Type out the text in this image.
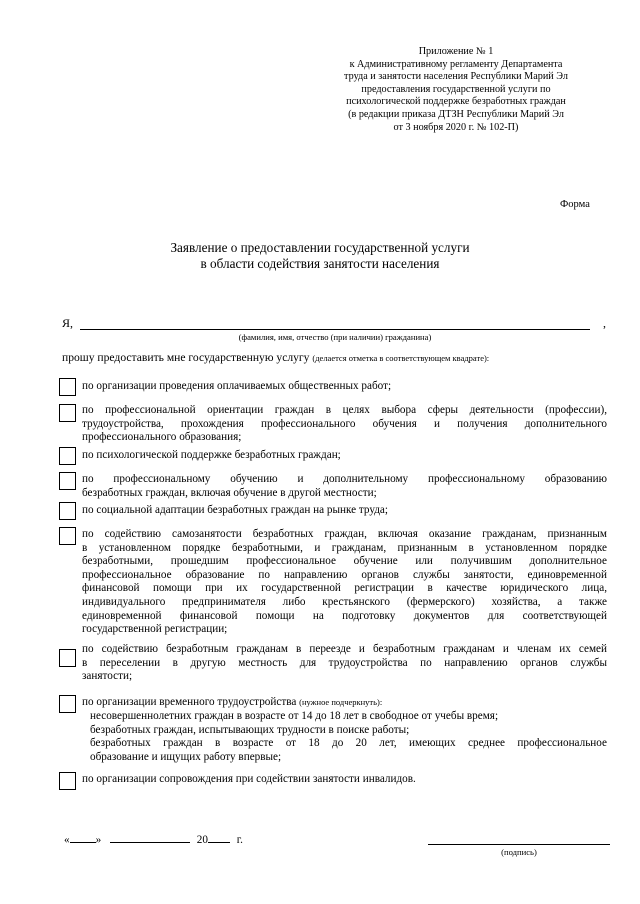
Приложение № 1
к Административному регламенту Департамента
труда и занятости населения Республики Марий Эл
предоставления государственной услуги по
психологической поддержке безработных граждан
(в редакции приказа ДТЗН Республики Марий Эл
от 3 ноября 2020 г. № 102-П)
Форма
Заявление о предоставлении государственной услуги
в области содействия занятости населения
Я,	,
(фамилия, имя, отчество (при наличии) гражданина)
прошу предоставить мне государственную услугу (делается отметка в соответствующем квадрате):
по организации проведения оплачиваемых общественных работ;
по профессиональной ориентации граждан в целях выбора сферы деятельности (профессии),
трудоустройства, прохождения профессионального обучения и получения дополнительного
профессионального образования;
по психологической поддержке безработных граждан;
по профессиональному обучению и дополнительному профессиональному образованию
безработных граждан, включая обучение в другой местности;
по социальной адаптации безработных граждан на рынке труда;
по содействию самозанятости безработных граждан, включая оказание гражданам, признанным
в установленном порядке безработными, и гражданам, признанным в установленном порядке
безработными, прошедшим профессиональное обучение или получившим дополнительное
профессиональное образование по направлению органов службы занятости, единовременной
финансовой помощи при их государственной регистрации в качестве юридического лица,
индивидуального предпринимателя либо крестьянского (фермерского) хозяйства, а также
единовременной финансовой помощи на подготовку документов для соответствующей
государственной регистрации;
по содействию безработным гражданам в переезде и безработным гражданам и членам их семей
в переселении в другую местность для трудоустройства по направлению органов службы
занятости;
по организации временного трудоустройства (нужное подчеркнуть):
несовершеннолетних граждан в возрасте от 14 до 18 лет в свободное от учебы время;
безработных граждан, испытывающих трудности в поиске работы;
безработных граждан в возрасте от 18 до 20 лет, имеющих среднее профессиональное
образование и ищущих работу впервые;
по организации сопровождения при содействии занятости инвалидов.
« »	20	г.
(подпись)
